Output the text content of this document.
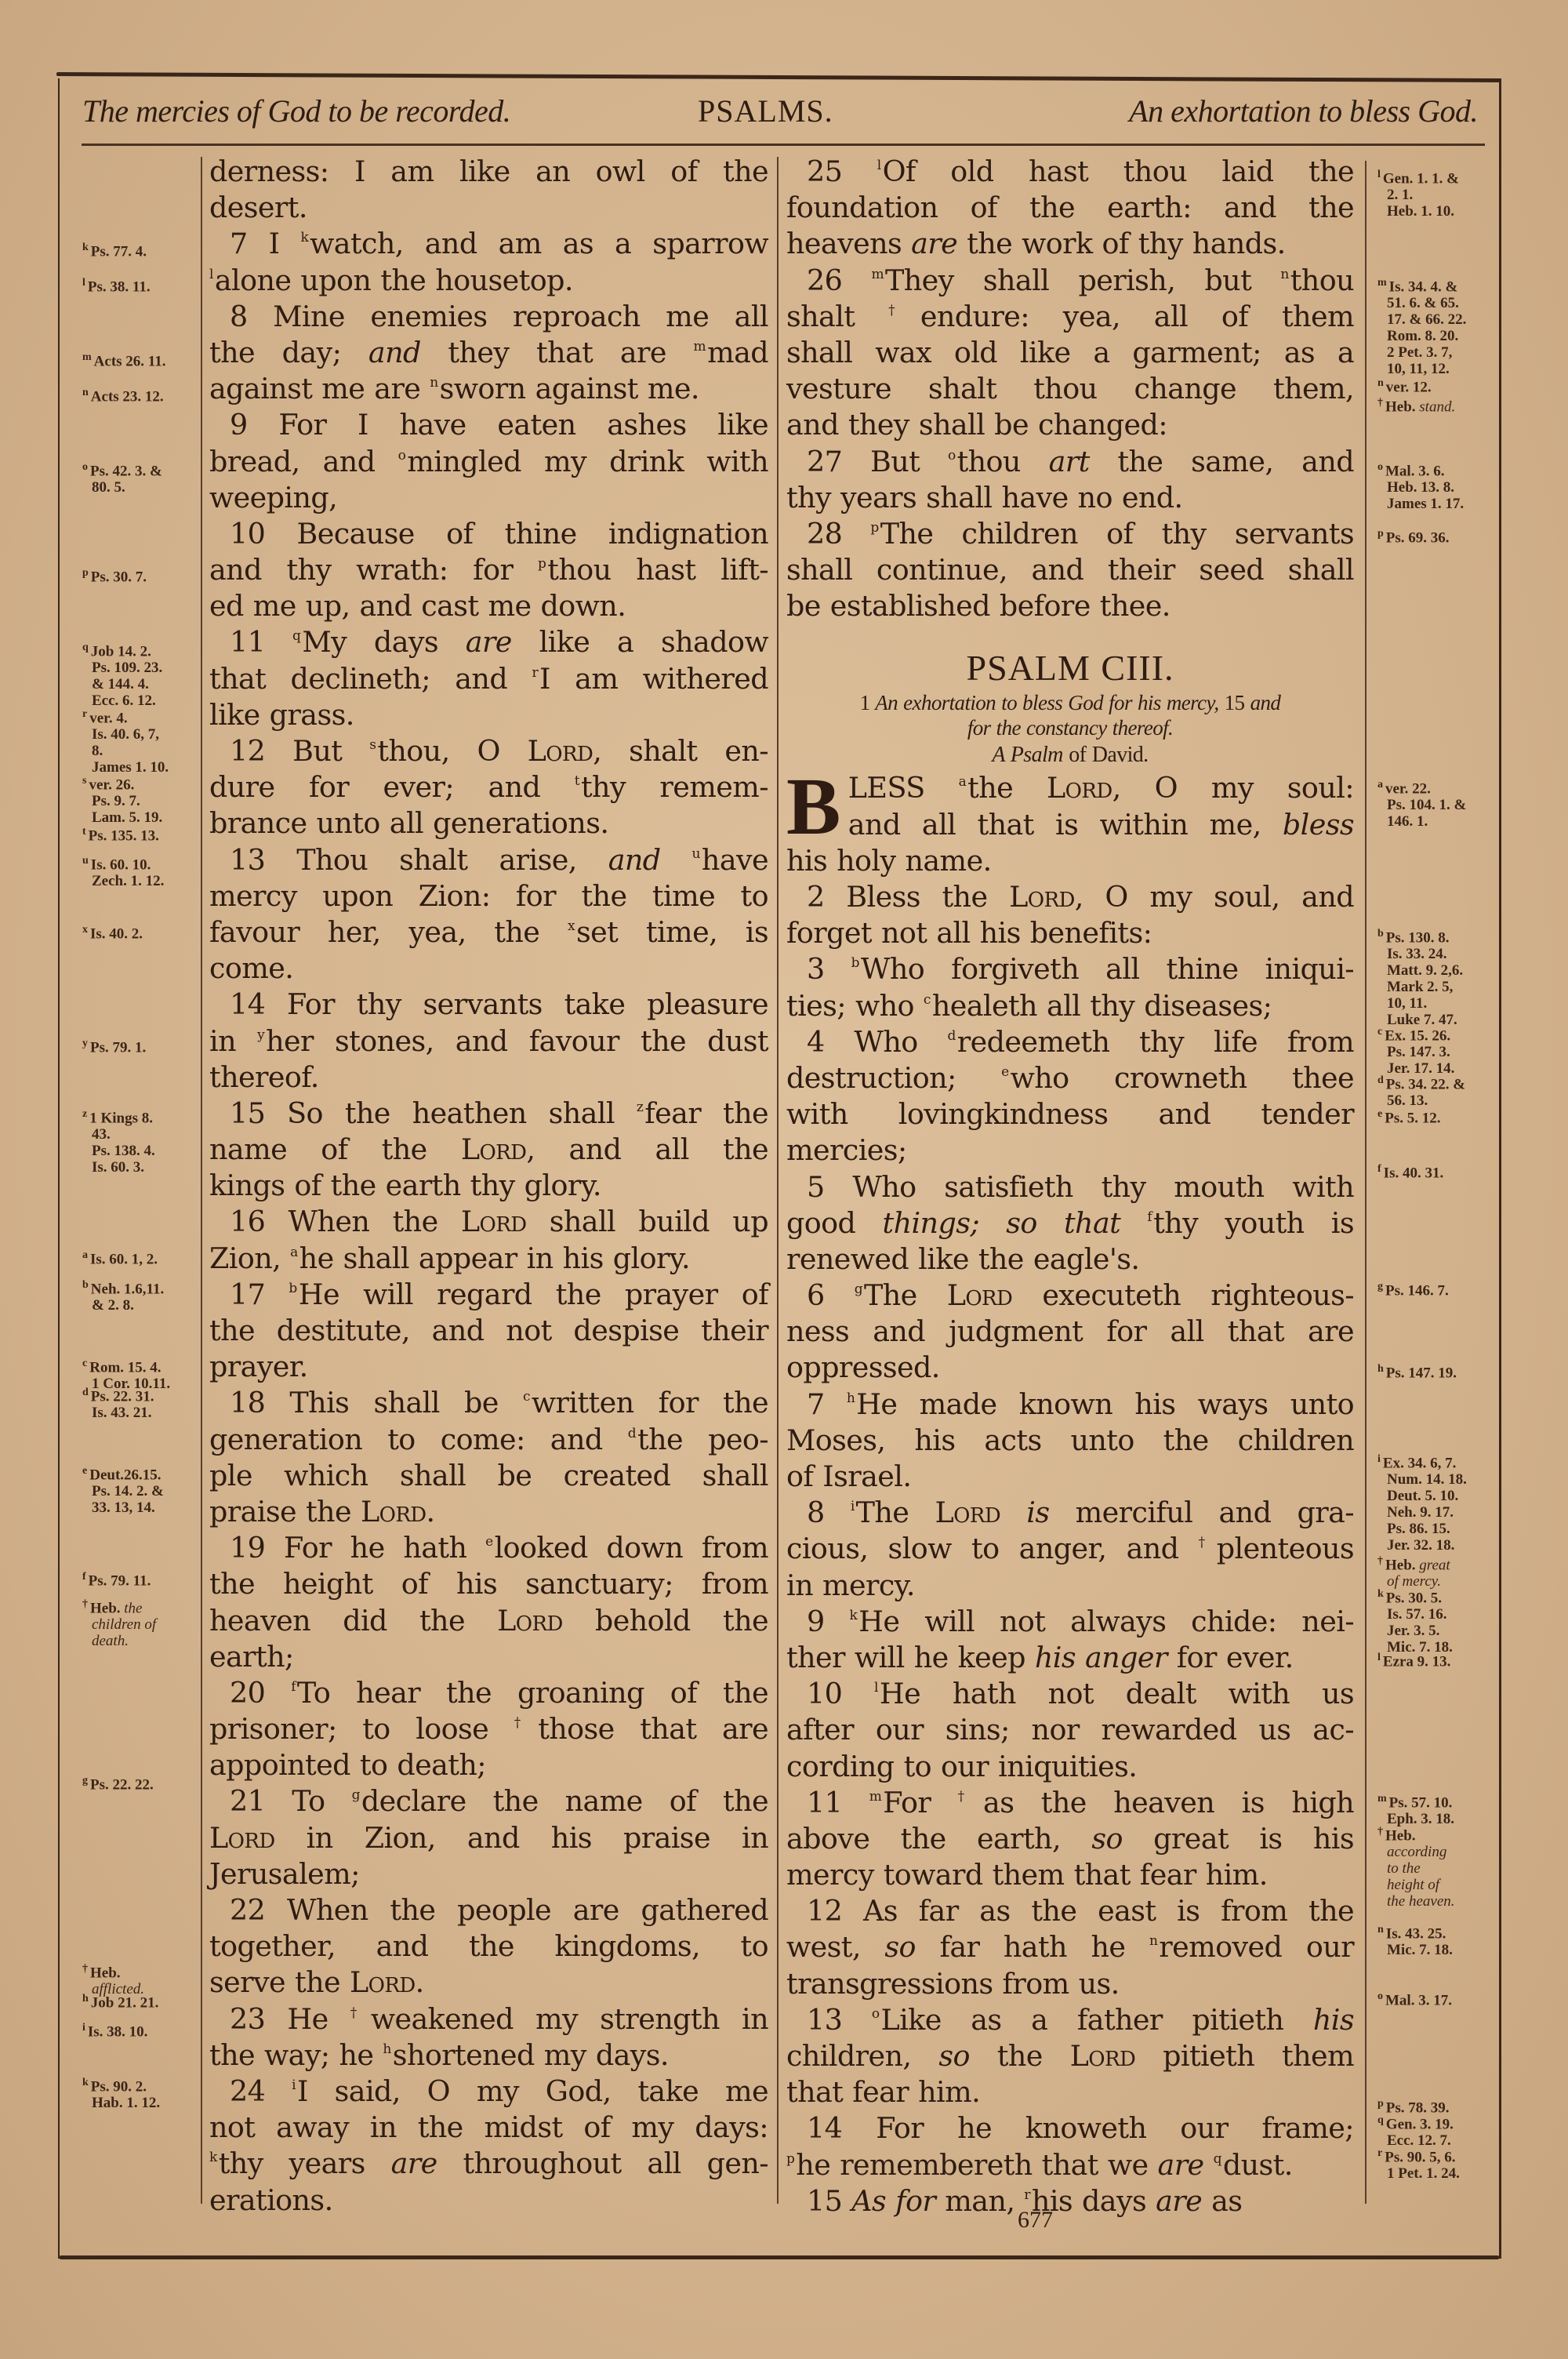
The mercies of God to be recorded.	PSALMS.	An exhortation to bless God.
$^k$ Ps. 77. 4.
$^l$ Ps. 38. 11.
$^m$ Acts 26. 11.
$^n$ Acts 23. 12.
$^o$ Ps. 42. 3. &
80. 5.
$^p$ Ps. 30. 7.
$^q$ Job 14. 2.
Ps. 109. 23.
& 144. 4.
Ecc. 6. 12.
$^r$ ver. 4.
Is. 40. 6, 7,
8.
James 1. 10.
$^s$ ver. 26.
Ps. 9. 7.
Lam. 5. 19.
$^t$ Ps. 135. 13.
$^u$ Is. 60. 10.
Zech. 1. 12.
$^x$ Is. 40. 2.
$^y$ Ps. 79. 1.
$^z$ 1 Kings 8.
43.
Ps. 138. 4.
Is. 60. 3.
$^a$ Is. 60. 1, 2.
$^b$ Neh. 1.6,11.
& 2. 8.
$^c$ Rom. 15. 4.
1 Cor. 10.11.
$^d$ Ps. 22. 31.
Is. 43. 21.
$^e$ Deut.26.15.
Ps. 14. 2. &
33. 13, 14.
$^f$ Ps. 79. 11.
† Heb. the
children of
death.
$^g$ Ps. 22. 22.
† Heb.
afflicted.
$^h$ Job 21. 21.
$^i$ Is. 38. 10.
$^k$ Ps. 90. 2.
Hab. 1. 12.
$^l$ Gen. 1. 1. &
2. 1.
Heb. 1. 10.
$^m$ Is. 34. 4. &
51. 6. & 65.
17. & 66. 22.
Rom. 8. 20.
2 Pet. 3. 7,
10, 11, 12.
$^n$ ver. 12.
† Heb. stand.
$^o$ Mal. 3. 6.
Heb. 13. 8.
James 1. 17.
$^p$ Ps. 69. 36.
$^a$ ver. 22.
Ps. 104. 1. &
146. 1.
$^b$ Ps. 130. 8.
Is. 33. 24.
Matt. 9. 2,6.
Mark 2. 5,
10, 11.
Luke 7. 47.
$^c$ Ex. 15. 26.
Ps. 147. 3.
Jer. 17. 14.
$^d$ Ps. 34. 22. &
56. 13.
$^e$ Ps. 5. 12.
$^f$ Is. 40. 31.
$^g$ Ps. 146. 7.
$^h$ Ps. 147. 19.
$^i$ Ex. 34. 6, 7.
Num. 14. 18.
Deut. 5. 10.
Neh. 9. 17.
Ps. 86. 15.
Jer. 32. 18.
† Heb. great
of mercy.
$^k$ Ps. 30. 5.
Is. 57. 16.
Jer. 3. 5.
Mic. 7. 18.
$^l$ Ezra 9. 13.
$^m$ Ps. 57. 10.
Eph. 3. 18.
† Heb.
according
to the
height of
the heaven.
$^n$ Is. 43. 25.
Mic. 7. 18.
$^o$ Mal. 3. 17.
$^p$ Ps. 78. 39.
$^q$ Gen. 3. 19.
Ecc. 12. 7.
$^r$ Ps. 90. 5, 6.
1 Pet. 1. 24.
derness: I am like an owl of the
desert.
7 I $^k$watch, and am as a sparrow
$^l$alone upon the housetop.
8 Mine enemies reproach me all
the day; and they that are $^m$mad
against me are $^n$sworn against me.
9 For I have eaten ashes like
bread, and $^o$mingled my drink with
weeping,
10 Because of thine indignation
and thy wrath: for $^p$thou hast lift-
ed me up, and cast me down.
11 $^q$My days are like a shadow
that declineth; and $^r$I am withered
like grass.
12 But $^s$thou, O Lord, shalt en-
dure for ever; and $^t$thy remem-
brance unto all generations.
13 Thou shalt arise, and $^u$have
mercy upon Zion: for the time to
favour her, yea, the $^x$set time, is
come.
14 For thy servants take pleasure
in $^y$her stones, and favour the dust
thereof.
15 So the heathen shall $^z$fear the
name of the Lord, and all the
kings of the earth thy glory.
16 When the Lord shall build up
Zion, $^a$he shall appear in his glory.
17 $^b$He will regard the prayer of
the destitute, and not despise their
prayer.
18 This shall be $^c$written for the
generation to come: and $^d$the peo-
ple which shall be created shall
praise the Lord.
19 For he hath $^e$looked down from
the height of his sanctuary; from
heaven did the Lord behold the
earth;
20 $^f$To hear the groaning of the
prisoner; to loose †those that are
appointed to death;
21 To $^g$declare the name of the
Lord in Zion, and his praise in
Jerusalem;
22 When the people are gathered
together, and the kingdoms, to
serve the Lord.
23 He †weakened my strength in
the way; he $^h$shortened my days.
24 $^i$I said, O my God, take me
not away in the midst of my days:
$^k$thy years are throughout all gen-
erations.
25 $^l$Of old hast thou laid the
foundation of the earth: and the
heavens are the work of thy hands.
26 $^m$They shall perish, but $^n$thou
shalt †endure: yea, all of them
shall wax old like a garment; as a
vesture shalt thou change them,
and they shall be changed:
27 But $^o$thou art the same, and
thy years shall have no end.
28 $^p$The children of thy servants
shall continue, and their seed shall
be established before thee.
PSALM CIII.
1 An exhortation to bless God for his mercy, 15 and
for the constancy thereof.
A Psalm of David.
B LESS $^a$the Lord, O my soul:
and all that is within me, bless
his holy name.
2 Bless the Lord, O my soul, and
forget not all his benefits:
3 $^b$Who forgiveth all thine iniqui-
ties; who $^c$healeth all thy diseases;
4 Who $^d$redeemeth thy life from
destruction; $^e$who crowneth thee
with lovingkindness and tender
mercies;
5 Who satisfieth thy mouth with
good things; so that $^f$thy youth is
renewed like the eagle's.
6 $^g$The Lord executeth righteous-
ness and judgment for all that are
oppressed.
7 $^h$He made known his ways unto
Moses, his acts unto the children
of Israel.
8 $^i$The Lord is merciful and gra-
cious, slow to anger, and †plenteous
in mercy.
9 $^k$He will not always chide: nei-
ther will he keep his anger for ever.
10 $^l$He hath not dealt with us
after our sins; nor rewarded us ac-
cording to our iniquities.
11 $^m$For †as the heaven is high
above the earth, so great is his
mercy toward them that fear him.
12 As far as the east is from the
west, so far hath he $^n$removed our
transgressions from us.
13 $^o$Like as a father pitieth his
children, so the Lord pitieth them
that fear him.
14 For he knoweth our frame;
$^p$he remembereth that we are $^q$dust.
15 As for man, $^r$his days are as
677
